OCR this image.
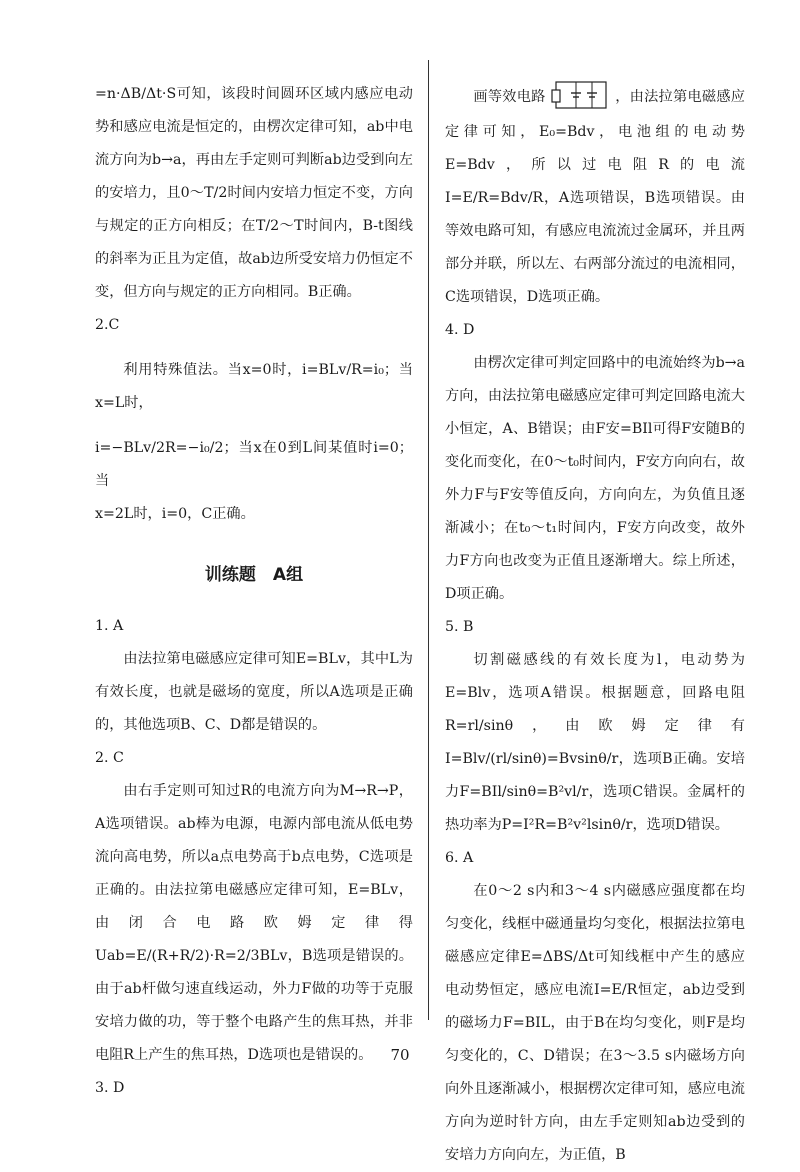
=n·ΔB/Δt·S可知，该段时间圆环区域内感应电动势和感应电流是恒定的，由楞次定律可知，ab中电流方向为b→a，再由左手定则可判断ab边受到向左的安培力，且0～T/2时间内安培力恒定不变，方向与规定的正方向相反；在T/2～T时间内，B-t图线的斜率为正且为定值，故ab边所受安培力仍恒定不变，但方向与规定的正方向相同。B正确。

2.C

利用特殊值法。当x=0时，i=BLv/R=i₀；当x=L时，

i=−BLv/2R=−i₀/2；当x在0到L间某值时i=0；当

x=2L时，i=0，C正确。

训练题　A组

1. A

由法拉第电磁感应定律可知E=BLv，其中L为有效长度，也就是磁场的宽度，所以A选项是正确的，其他选项B、C、D都是错误的。

2. C

由右手定则可知过R的电流方向为M→R→P，A选项错误。ab棒为电源，电源内部电流从低电势流向高电势，所以a点电势高于b点电势，C选项是正确的。由法拉第电磁感应定律可知，E=BLv，由闭合电路欧姆定律得 Uab=E/(R+R/2)·R=2/3BLv，B选项是错误的。由于ab杆做匀速直线运动，外力F做的功等于克服安培力做的功，等于整个电路产生的焦耳热，并非电阻R上产生的焦耳热，D选项也是错误的。

3. D

画等效电路	，由法拉第电磁感应定律可知，E₀=Bdv，电池组的电动势E=Bdv，所以过电阻R的电流I=E/R=Bdv/R，A选项错误，B选项错误。由等效电路可知，有感应电流流过金属环，并且两部分并联，所以左、右两部分流过的电流相同，C选项错误，D选项正确。

4. D

由楞次定律可判定回路中的电流始终为b→a方向，由法拉第电磁感应定律可判定回路电流大小恒定，A、B错误；由F安=BIl可得F安随B的变化而变化，在0～t₀时间内，F安方向向右，故外力F与F安等值反向，方向向左，为负值且逐渐减小；在t₀～t₁时间内，F安方向改变，故外力F方向也改变为正值且逐渐增大。综上所述，D项正确。

5. B

切割磁感线的有效长度为l，电动势为E=Blv，选项A错误。根据题意，回路电阻R=rl/sinθ，由欧姆定律有I=Blv/(rl/sinθ)=Bvsinθ/r，选项B正确。安培力F=BIl/sinθ=B²vl/r，选项C错误。金属杆的热功率为P=I²R=B²v²lsinθ/r，选项D错误。

6. A

在0～2 s内和3～4 s内磁感应强度都在均匀变化，线框中磁通量均匀变化，根据法拉第电磁感应定律E=ΔBS/Δt可知线框中产生的感应电动势恒定，感应电流I=E/R恒定，ab边受到的磁场力F=BIL，由于B在均匀变化，则F是均匀变化的，C、D错误；在3～3.5 s内磁场方向向外且逐渐减小，根据楞次定律可知，感应电流方向为逆时针方向，由左手定则知ab边受到的安培力方向向左，为正值，B

70
